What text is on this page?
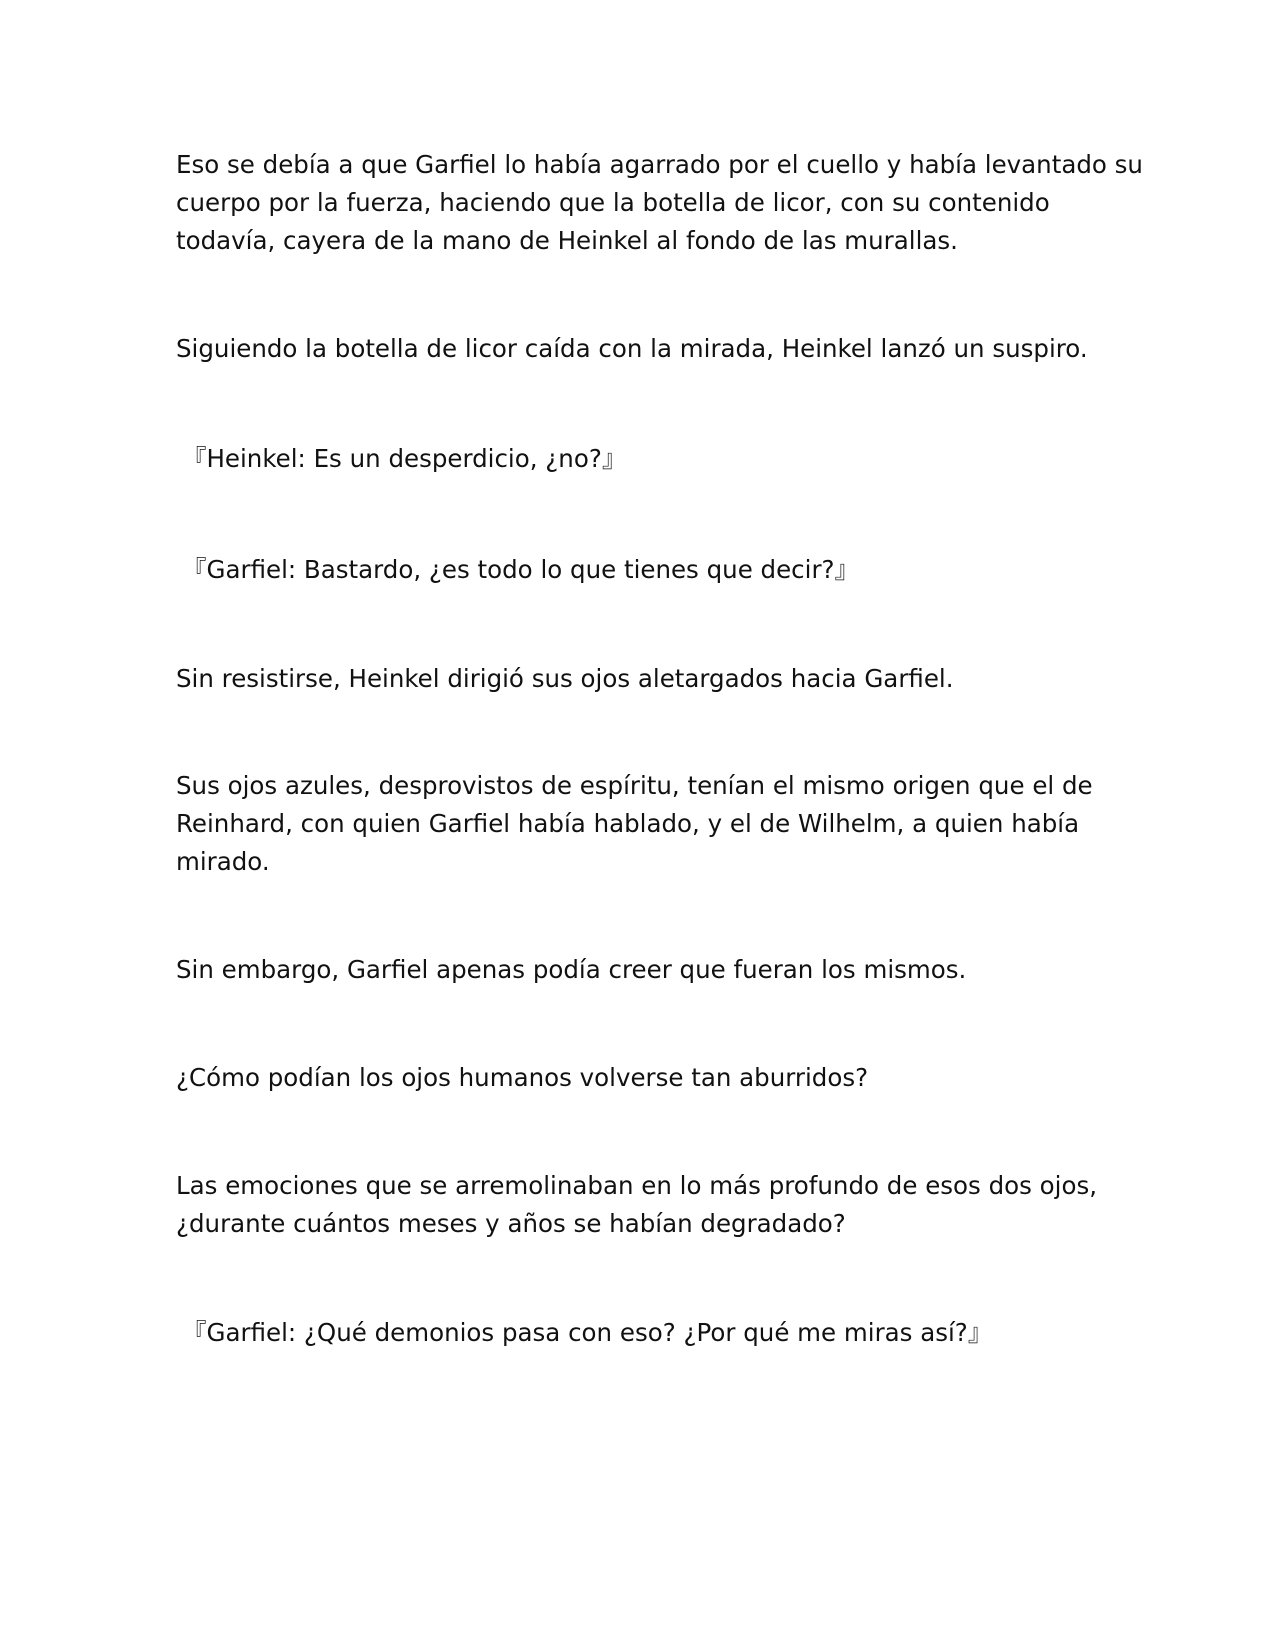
Eso se debía a que Garfiel lo había agarrado por el cuello y había levantado su
cuerpo por la fuerza, haciendo que la botella de licor, con su contenido
todavía, cayera de la mano de Heinkel al fondo de las murallas.

Siguiendo la botella de licor caída con la mirada, Heinkel lanzó un suspiro.

『Heinkel: Es un desperdicio, ¿no?』

『Garfiel: Bastardo, ¿es todo lo que tienes que decir?』

Sin resistirse, Heinkel dirigió sus ojos aletargados hacia Garfiel.

Sus ojos azules, desprovistos de espíritu, tenían el mismo origen que el de
Reinhard, con quien Garfiel había hablado, y el de Wilhelm, a quien había
mirado.

Sin embargo, Garfiel apenas podía creer que fueran los mismos.

¿Cómo podían los ojos humanos volverse tan aburridos?

Las emociones que se arremolinaban en lo más profundo de esos dos ojos,
¿durante cuántos meses y años se habían degradado?

『Garfiel: ¿Qué demonios pasa con eso? ¿Por qué me miras así?』
